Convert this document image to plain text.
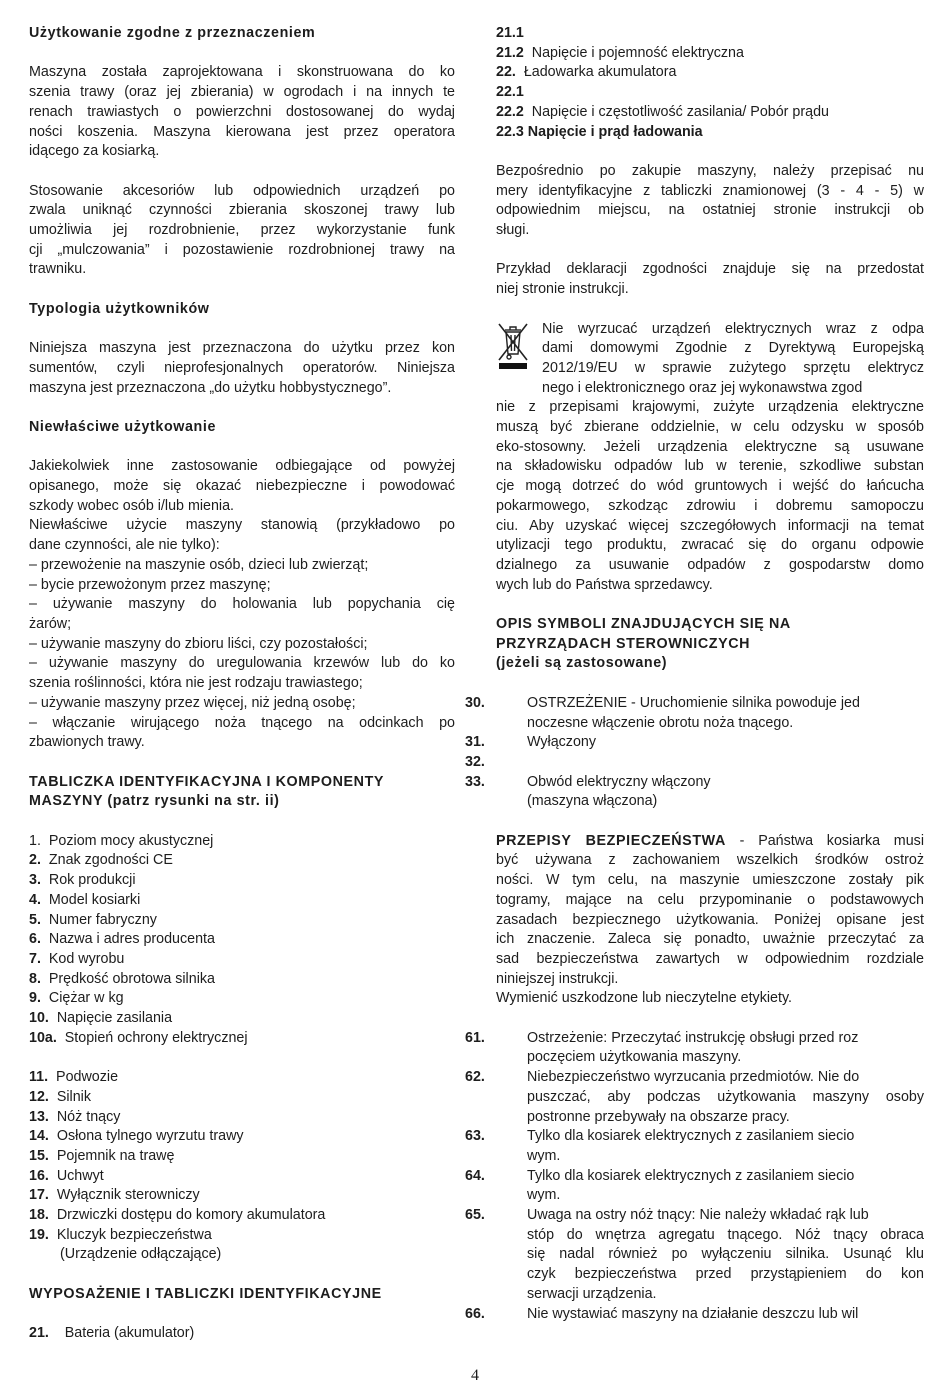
Użytkowanie zgodne z przeznaczeniem
Maszyna została zaprojektowana i skonstruowana do ko
szenia trawy (oraz jej zbierania) w ogrodach i na innych te
renach trawiastych o powierzchni dostosowanej do wydaj
ności koszenia. Maszyna kierowana jest przez operatora
idącego za kosiarką.
Stosowanie akcesoriów lub odpowiednich urządzeń po
zwala uniknąć czynności zbierania skoszonej trawy lub
umożliwia jej rozdrobnienie, przez wykorzystanie funk
cji „mulczowania” i pozostawienie rozdrobnionej trawy na
trawniku.
Typologia użytkowników
Niniejsza maszyna jest przeznaczona do użytku przez kon
sumentów, czyli nieprofesjonalnych operatorów. Niniejsza
maszyna jest przeznaczona „do użytku hobbystycznego”.
Niewłaściwe użytkowanie
Jakiekolwiek inne zastosowanie odbiegające od powyżej
opisanego, może się okazać niebezpieczne i powodować
szkody wobec osób i/lub mienia.
Niewłaściwe użycie maszyny stanowią (przykładowo po
dane czynności, ale nie tylko):
– przewożenie na maszynie osób, dzieci lub zwierząt;
– bycie przewożonym przez maszynę;
– używanie maszyny do holowania lub popychania cię
żarów;
– używanie maszyny do zbioru liści, czy pozostałości;
– używanie maszyny do uregulowania krzewów lub do ko
szenia roślinności, która nie jest rodzaju trawiastego;
– używanie maszyny przez więcej, niż jedną osobę;
– włączanie wirującego noża tnącego na odcinkach po
zbawionych trawy.
TABLICZKA IDENTYFIKACYJNA I KOMPONENTY
MASZYNY (patrz rysunki na str. ii)
1.  Poziom mocy akustycznej
2.  Znak zgodności CE
3.  Rok produkcji
4.  Model kosiarki
5.  Numer fabryczny
6.  Nazwa i adres producenta
7.  Kod wyrobu
8.  Prędkość obrotowa silnika
9.  Ciężar w kg
10.  Napięcie zasilania
10a.  Stopień ochrony elektrycznej
11.  Podwozie
12.  Silnik
13.  Nóż tnący
14.  Osłona tylnego wyrzutu trawy
15.  Pojemnik na trawę
16.  Uchwyt
17.  Wyłącznik sterowniczy
18.  Drzwiczki dostępu do komory akumulatora
19.  Kluczyk bezpieczeństwa
(Urządzenie odłączające)
WYPOSAŻENIE I TABLICZKI IDENTYFIKACYJNE
21. Bateria (akumulator)
21.1
21.2  Napięcie i pojemność elektryczna
22.  Ładowarka akumulatora
22.1
22.2  Napięcie i częstotliwość zasilania/ Pobór prądu
22.3 Napięcie i prąd ładowania
Bezpośrednio po zakupie maszyny, należy przepisać nu
mery identyfikacyjne z tabliczki znamionowej (3 - 4 - 5) w
odpowiednim miejscu, na ostatniej stronie instrukcji ob
sługi.
Przykład deklaracji zgodności znajduje się na przedostat
niej stronie instrukcji.
Nie wyrzucać urządzeń elektrycznych wraz z odpa
dami domowymi Zgodnie z Dyrektywą Europejską
2012/19/EU w sprawie zużytego sprzętu elektrycz
nego i elektronicznego oraz jej wykonawstwa zgod
nie z przepisami krajowymi, zużyte urządzenia elektryczne
muszą być zbierane oddzielnie, w celu odzysku w sposób
eko-stosowny. Jeżeli urządzenia elektryczne są usuwane
na składowisku odpadów lub w terenie, szkodliwe substan
cje mogą dotrzeć do wód gruntowych i wejść do łańcucha
pokarmowego, szkodząc zdrowiu i dobremu samopoczu
ciu. Aby uzyskać więcej szczegółowych informacji na temat
utylizacji tego produktu, zwracać się do organu odpowie
dzialnego za usuwanie odpadów z gospodarstw domo
wych lub do Państwa sprzedawcy.
OPIS SYMBOLI ZNAJDUJĄCYCH SIĘ NA
PRZYRZĄDACH STEROWNICZYCH
(jeżeli są zastosowane)
30.	OSTRZEŻENIE - Uruchomienie silnika powoduje jed
noczesne włączenie obrotu noża tnącego.
31.	Wyłączony
32.
33.	Obwód elektryczny włączony
(maszyna włączona)
PRZEPISY BEZPIECZEŃSTWA - Państwa kosiarka musi
być używana z zachowaniem wszelkich środków ostroż
ności. W tym celu, na maszynie umieszczone zostały pik
togramy, mające na celu przypominanie o podstawowych
zasadach bezpiecznego użytkowania. Poniżej opisane jest
ich znaczenie. Zaleca się ponadto, uważnie przeczytać za
sad bezpieczeństwa zawartych w odpowiednim rozdziale
niniejszej instrukcji.
Wymienić uszkodzone lub nieczytelne etykiety.
61.	Ostrzeżenie: Przeczytać instrukcję obsługi przed roz
poczęciem użytkowania maszyny.
62.	Niebezpieczeństwo wyrzucania przedmiotów. Nie do
puszczać, aby podczas użytkowania maszyny osoby
postronne przebywały na obszarze pracy.
63.	Tylko dla kosiarek elektrycznych z zasilaniem siecio
wym.
64.	Tylko dla kosiarek elektrycznych z zasilaniem siecio
wym.
65.	Uwaga na ostry nóż tnący: Nie należy wkładać rąk lub
stóp do wnętrza agregatu tnącego. Nóż tnący obraca
się nadal również po wyłączeniu silnika. Usunąć klu
czyk bezpieczeństwa przed przystąpieniem do kon
serwacji urządzenia.
66.	Nie wystawiać maszyny na działanie deszczu lub wil
4
